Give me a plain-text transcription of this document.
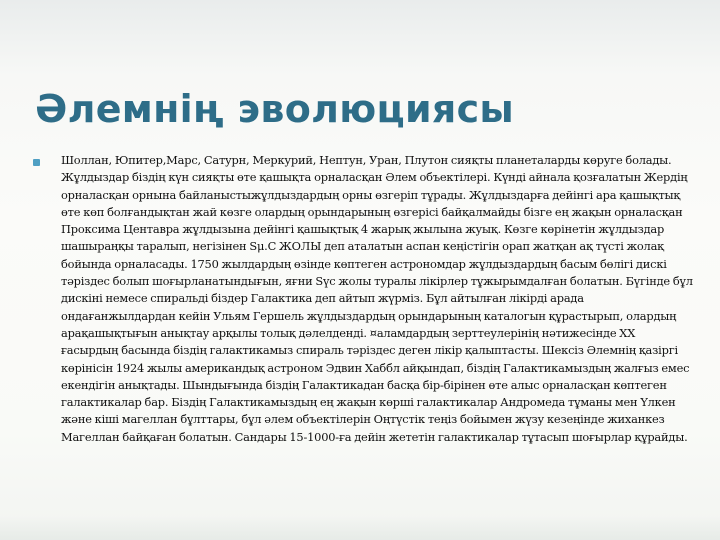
Әлемнің эволюциясы

Шоллан, Юпитер,Марс, Сатурн, Меркурий, Нептун, Уран, Плутон сияқты планеталарды көруге болады. Жұлдыздар біздің күн сияқты өте қашықта орналасқан Әлем объектілері. Күнді айнала қозғалатын Жердің орналасқан орнына байланыстыжұлдыздардың орны өзгеріп тұрады. Жұлдыздарға дейінгі ара қашықтық өте көп болғандықтан жай көзге олардың орындарының өзгерісі байқалмайды бізге ең жақын орналасқан Проксима Центавра жұлдызына дейінгі қашықтық 4 жарық жылына жуық. Көзге көрінетін жұлдыздар шашыраңқы таралып, негізінен Sμ.C ЖОЛЫ деп аталатын аспан кеңістігін орап жатқан ақ түсті жолақ бойында орналасады. 1750 жылдардың өзінде көптеген астрономдар жұлдыздардың басым бөлігі дискі тәріздес болып шоғырланатындығын, яғни Sүс жолы туралы лікірлер тұжырымдалған болатын. Бүгінде бұл дискіні немесе спиральді біздер Галактика деп айтып жүрміз. Бұл айтылған лікірді арада ондағанжылдардан кейін Ульям Гершель жұлдыздардың орындарының каталогын құрастырып, олардың арақашықтығын анықтау арқылы толық дәлелденді. ¤аламдардың зерттеулерінің нәтижесінде XX ғасырдың басында біздің галактикамыз спираль тәріздес деген лікір қалыптасты. Шексіз Әлемнің қазіргі көрінісін 1924 жылы американдық астроном Эдвин Хаббл айқындап, біздің Галактикамыздың жалғыз емес екендігін анықтады. Шындығында біздің Галактикадан басқа бір-бірінен өте алыс орналасқан көптеген галактикалар бар. Біздің Галактикамыздың ең жақын көрші галактикалар Андромеда тұманы мен Үлкен және кіші магеллан бұлттары, бұл әлем объектілерін Оңтүстік теңіз бойымен жүзу кезеңінде жиханкез Магеллан байқаған болатын. Сандары 15-1000-ға дейін жететін галактикалар тұтасып шоғырлар құрайды.
